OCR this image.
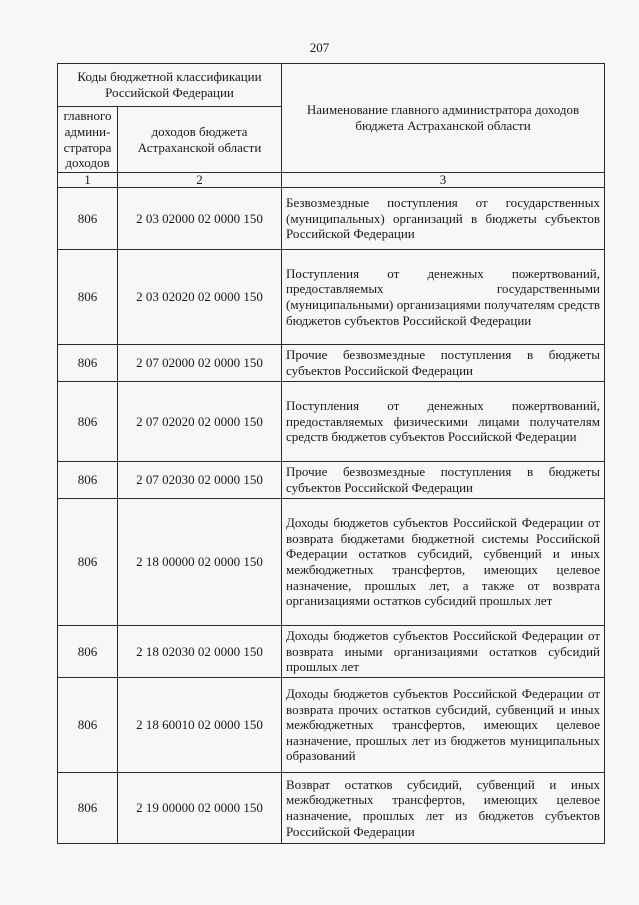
207
Коды бюджетной классификации Российской Федерации		Наименование главного администратора доходов бюджета Астраханской области
главного админи-стратора доходов	доходов бюджета Астраханской области	
1	2	3
806	2 03 02000 02 0000 150	Безвозмездные поступления от государственных (муниципальных) организаций в бюджеты субъектов Российской Федерации
806	2 03 02020 02 0000 150	Поступления от денежных пожертвований, предоставляемых государственными (муниципальными) организациями получателям средств бюджетов субъектов Российской Федерации
806	2 07 02000 02 0000 150	Прочие безвозмездные поступления в бюджеты субъектов Российской Федерации
806	2 07 02020 02 0000 150	Поступления от денежных пожертвований, предоставляемых физическими лицами получателям средств бюджетов субъектов Российской Федерации
806	2 07 02030 02 0000 150	Прочие безвозмездные поступления в бюджеты субъектов Российской Федерации
806	2 18 00000 02 0000 150	Доходы бюджетов субъектов Российской Федерации от возврата бюджетами бюджетной системы Российской Федерации остатков субсидий, субвенций и иных межбюджетных трансфертов, имеющих целевое назначение, прошлых лет, а также от возврата организациями остатков субсидий прошлых лет
806	2 18 02030 02 0000 150	Доходы бюджетов субъектов Российской Федерации от возврата иными организациями остатков субсидий прошлых лет
806	2 18 60010 02 0000 150	Доходы бюджетов субъектов Российской Федерации от возврата прочих остатков субсидий, субвенций и иных межбюджетных трансфертов, имеющих целевое назначение, прошлых лет из бюджетов муниципальных образований
806	2 19 00000 02 0000 150	Возврат остатков субсидий, субвенций и иных межбюджетных трансфертов, имеющих целевое назначение, прошлых лет из бюджетов субъектов Российской Федерации
